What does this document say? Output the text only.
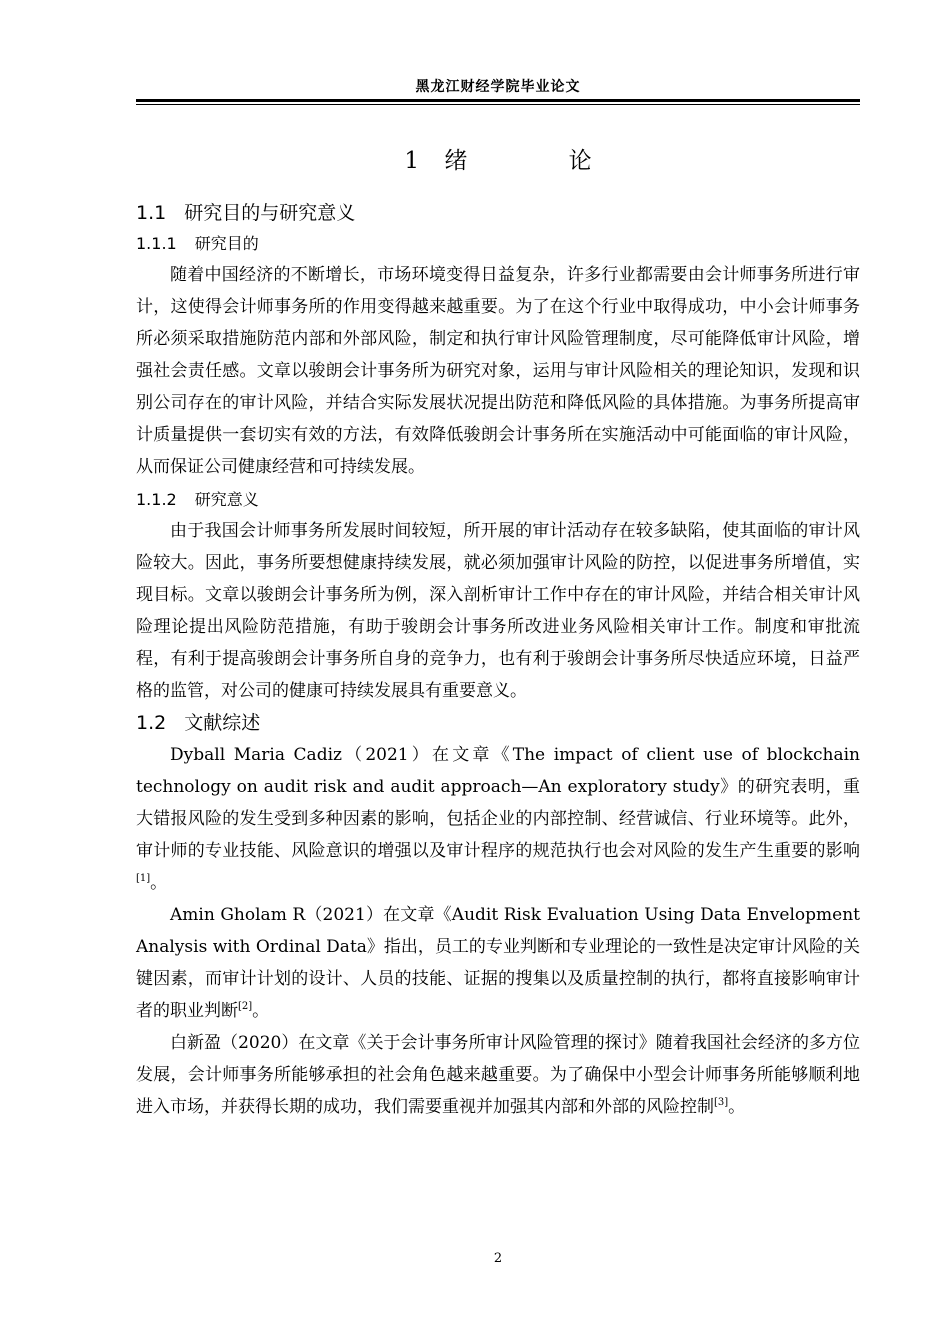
黑龙江财经学院毕业论文
1 绪    论
1.1 研究目的与研究意义
1.1.1 研究目的

随着中国经济的不断增长，市场环境变得日益复杂，许多行业都需要由会计师事务所进行审计，这使得会计师事务所的作用变得越来越重要。为了在这个行业中取得成功，中小会计师事务所必须采取措施防范内部和外部风险，制定和执行审计风险管理制度，尽可能降低审计风险，增强社会责任感。文章以骏朗会计事务所为研究对象，运用与审计风险相关的理论知识，发现和识别公司存在的审计风险，并结合实际发展状况提出防范和降低风险的具体措施。为事务所提高审计质量提供一套切实有效的方法，有效降低骏朗会计事务所在实施活动中可能面临的审计风险，从而保证公司健康经营和可持续发展。

1.1.2 研究意义

由于我国会计师事务所发展时间较短，所开展的审计活动存在较多缺陷，使其面临的审计风险较大。因此，事务所要想健康持续发展，就必须加强审计风险的防控，以促进事务所增值，实现目标。文章以骏朗会计事务所为例，深入剖析审计工作中存在的审计风险，并结合相关审计风险理论提出风险防范措施，有助于骏朗会计事务所改进业务风险相关审计工作。制度和审批流程，有利于提高骏朗会计事务所自身的竞争力，也有利于骏朗会计事务所尽快适应环境，日益严格的监管，对公司的健康可持续发展具有重要意义。

1.2 文献综述

Dyball Maria Cadiz（2021）在文章《The impact of client use of blockchain technology on audit risk and audit approach—An exploratory study》的研究表明，重大错报风险的发生受到多种因素的影响，包括企业的内部控制、经营诚信、行业环境等。此外，审计师的专业技能、风险意识的增强以及审计程序的规范执行也会对风险的发生产生重要的影响[1]。

Amin Gholam R（2021）在文章《Audit Risk Evaluation Using Data Envelopment Analysis with Ordinal Data》指出，员工的专业判断和专业理论的一致性是决定审计风险的关键因素，而审计计划的设计、人员的技能、证据的搜集以及质量控制的执行，都将直接影响审计者的职业判断[2]。

白新盈（2020）在文章《关于会计事务所审计风险管理的探讨》随着我国社会经济的多方位发展，会计师事务所能够承担的社会角色越来越重要。为了确保中小型会计师事务所能够顺利地进入市场，并获得长期的成功，我们需要重视并加强其内部和外部的风险控制[3]。

2
